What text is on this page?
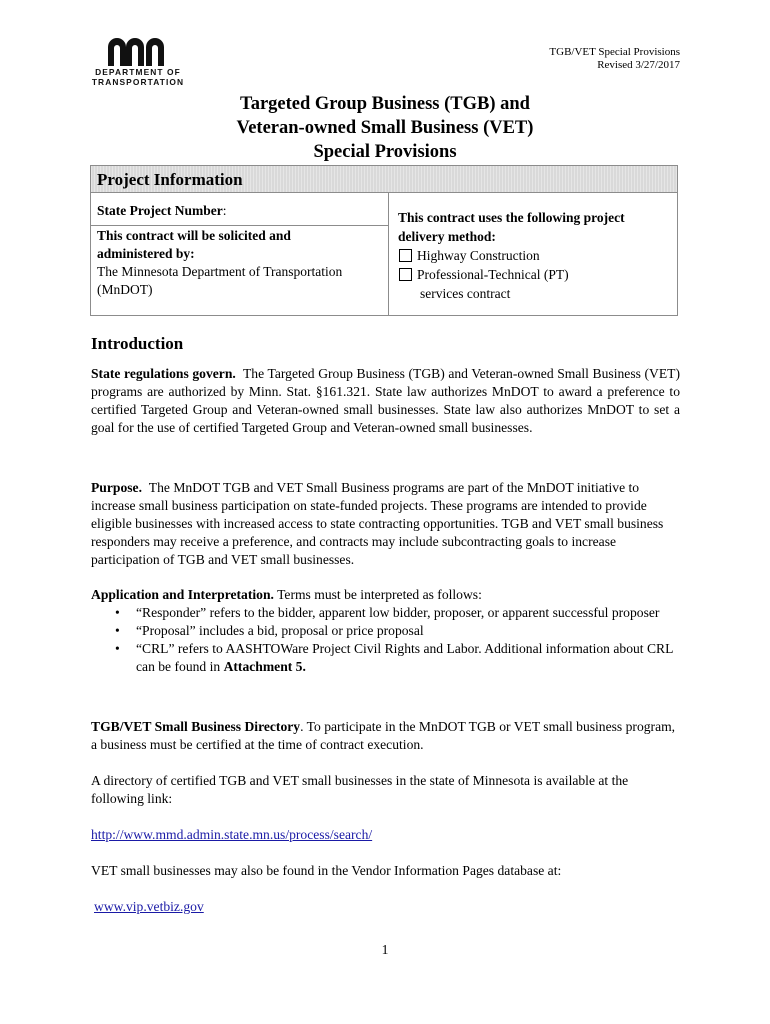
DEPARTMENT OF
TRANSPORTATION
TGB/VET Special Provisions
Revised 3/27/2017
Targeted Group Business (TGB) and
Veteran-owned Small Business (VET)
Special Provisions
Project Information
State Project Number:
This contract will be solicited and
administered by:
The Minnesota Department of Transportation
(MnDOT)
This contract uses the following project
delivery method:
Highway Construction
Professional-Technical (PT)
services contract
Introduction
State regulations govern. The Targeted Group Business (TGB) and Veteran-owned Small Business (VET) programs are authorized by Minn. Stat. §161.321. State law authorizes MnDOT to award a preference to certified Targeted Group and Veteran-owned small businesses. State law also authorizes MnDOT to set a goal for the use of certified Targeted Group and Veteran-owned small businesses.
Purpose. The MnDOT TGB and VET Small Business programs are part of the MnDOT initiative to increase small business participation on state-funded projects. These programs are intended to provide eligible businesses with increased access to state contracting opportunities. TGB and VET small business responders may receive a preference, and contracts may include subcontracting goals to increase participation of TGB and VET small businesses.
Application and Interpretation. Terms must be interpreted as follows:
• “Responder” refers to the bidder, apparent low bidder, proposer, or apparent successful proposer
• “Proposal” includes a bid, proposal or price proposal
• “CRL” refers to AASHTOWare Project Civil Rights and Labor. Additional information about CRL can be found in Attachment 5.
TGB/VET Small Business Directory. To participate in the MnDOT TGB or VET small business program, a business must be certified at the time of contract execution.
A directory of certified TGB and VET small businesses in the state of Minnesota is available at the following link:
http://www.mmd.admin.state.mn.us/process/search/
VET small businesses may also be found in the Vendor Information Pages database at:
www.vip.vetbiz.gov
1
